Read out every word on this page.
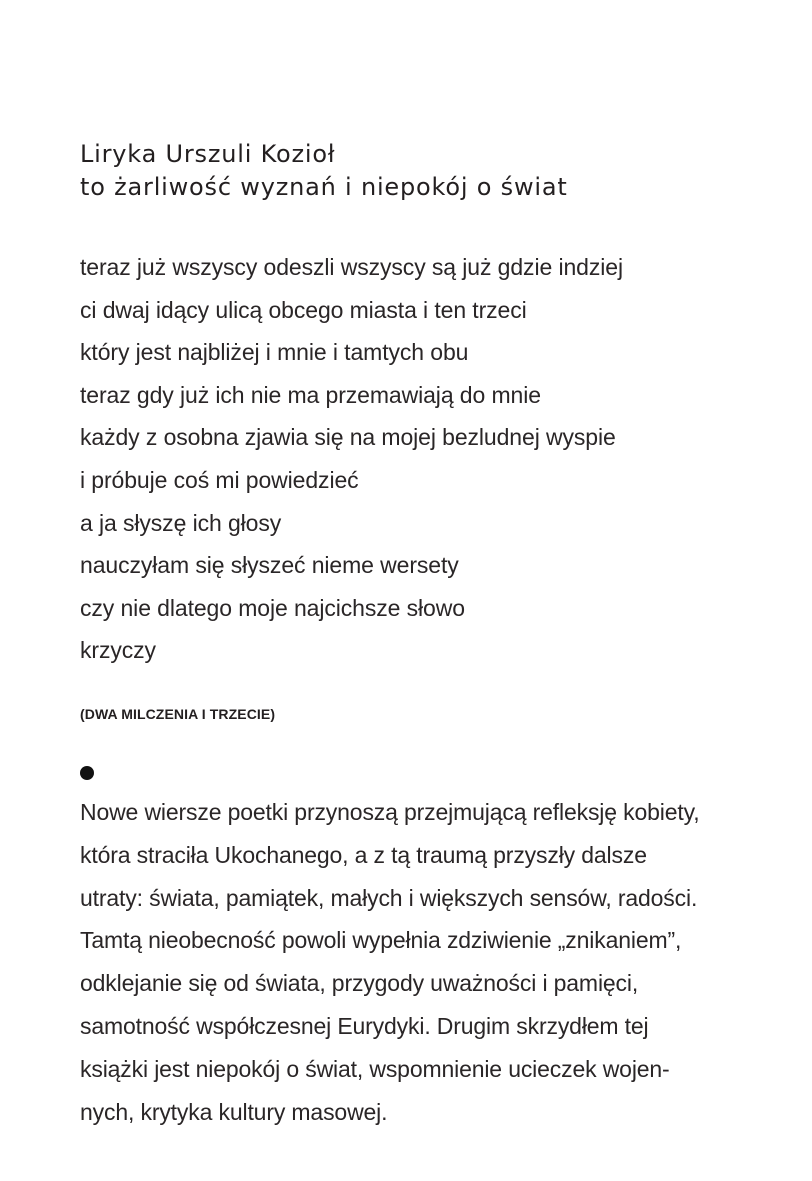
Liryka Urszuli Kozioł
to żarliwość wyznań i niepokój o świat
teraz już wszyscy odeszli wszyscy są już gdzie indziej
ci dwaj idący ulicą obcego miasta i ten trzeci
który jest najbliżej i mnie i tamtych obu
teraz gdy już ich nie ma przemawiają do mnie
każdy z osobna zjawia się na mojej bezludnej wyspie
i próbuje coś mi powiedzieć
a ja słyszę ich głosy
nauczyłam się słyszeć nieme wersety
czy nie dlatego moje najcichsze słowo
krzyczy
(DWA MILCZENIA I TRZECIE)
Nowe wiersze poetki przynoszą przejmującą refleksję kobiety,
która straciła Ukochanego, a z tą traumą przyszły dalsze
utraty: świata, pamiątek, małych i większych sensów, radości.
Tamtą nieobecność powoli wypełnia zdziwienie „znikaniem”,
odklejanie się od świata, przygody uważności i pamięci,
samotność współczesnej Eurydyki. Drugim skrzydłem tej
książki jest niepokój o świat, wspomnienie ucieczek wojen-
nych, krytyka kultury masowej.
